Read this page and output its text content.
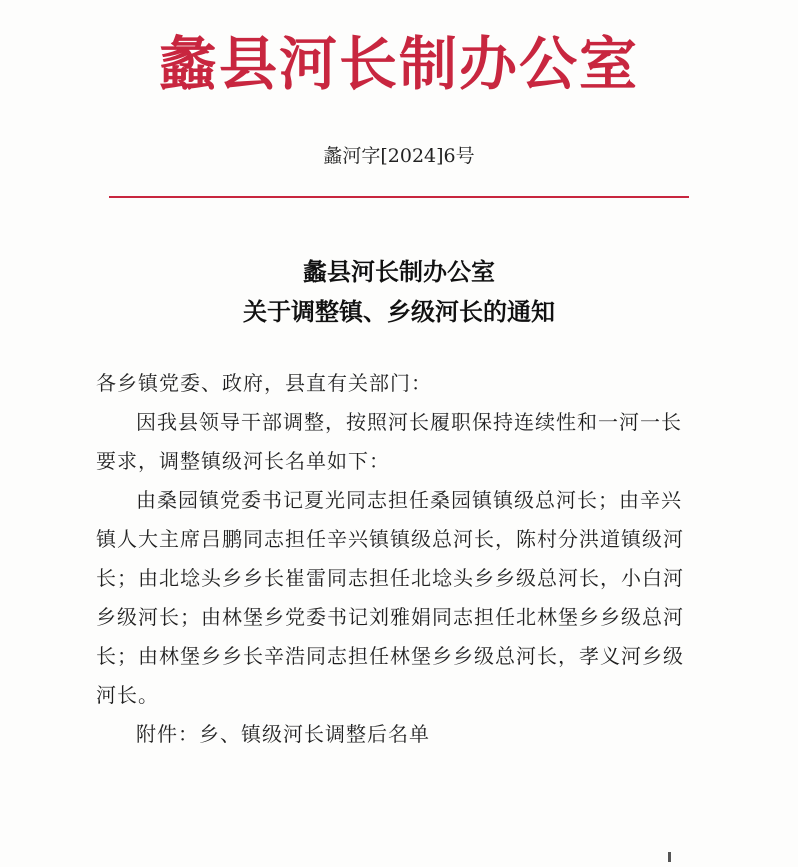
蠡县河长制办公室
蠡河字[2024]6号
蠡县河长制办公室
关于调整镇、乡级河长的通知

各乡镇党委、政府，县直有关部门：

因我县领导干部调整，按照河长履职保持连续性和一河一长要求，调整镇级河长名单如下：

由桑园镇党委书记夏光同志担任桑园镇镇级总河长；由辛兴镇人大主席吕鹏同志担任辛兴镇镇级总河长，陈村分洪道镇级河长；由北埝头乡乡长崔雷同志担任北埝头乡乡级总河长，小白河乡级河长；由林堡乡党委书记刘雅娟同志担任北林堡乡乡级总河长；由林堡乡乡长辛浩同志担任林堡乡乡级总河长，孝义河乡级河长。

附件：乡、镇级河长调整后名单
